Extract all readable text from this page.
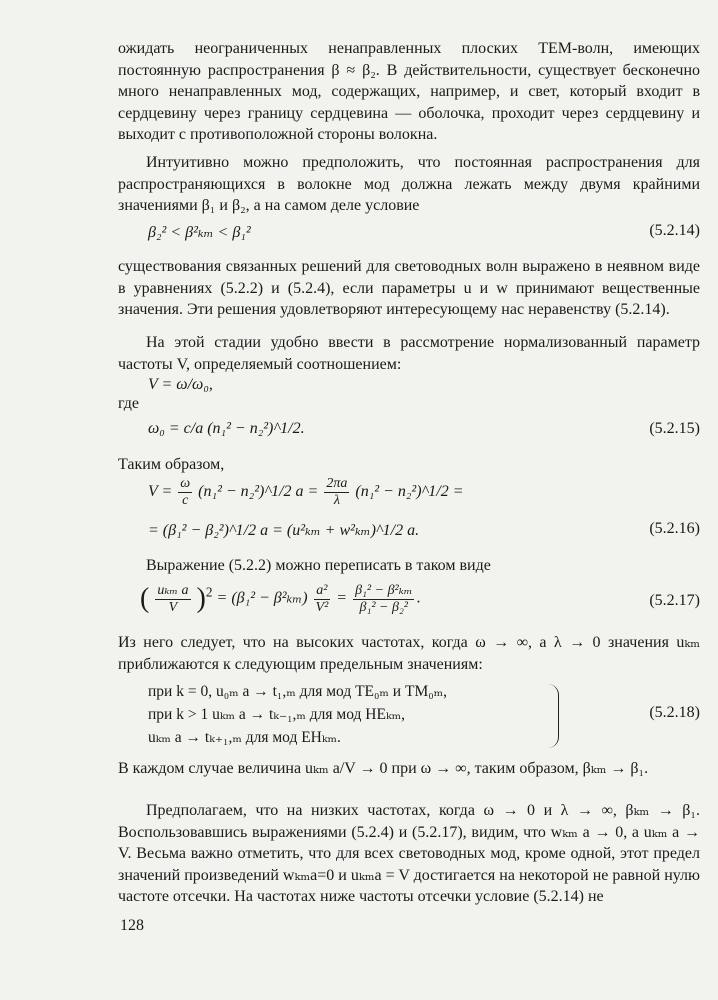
ожидать неограниченных ненаправленных плоских ТЕМ-волн, имеющих постоянную распространения β ≈ β₂. В действительности, существует бесконечно много ненаправленных мод, содержащих, например, и свет, который входит в сердцевину через границу сердцевина — оболочка, проходит через сердцевину и выходит с противоположной стороны волокна.
Интуитивно можно предположить, что постоянная распространения для распространяющихся в волокне мод должна лежать между двумя крайними значениями β₁ и β₂, а на самом деле условие
β₂² < β²ₖₘ < β₁²	(5.2.14)
существования связанных решений для световодных волн выражено в неявном виде в уравнениях (5.2.2) и (5.2.4), если параметры u и w принимают вещественные значения. Эти решения удовлетворяют интересующему нас неравенству (5.2.14).
На этой стадии удобно ввести в рассмотрение нормализованный параметр частоты V, определяемый соотношением:
V = ω/ω₀,
где
ω₀ = c/a (n₁² − n₂²)^1/2.	(5.2.15)
Таким образом,
$V = \frac{\omega}{c} (n_1^2$ − n₂²)^1/2 $a = \frac{2\pi a}{\lambda} (n_1^2$ − n₂²)^1/2 =
= (β₁² − β₂²)^1/2 a = (u²ₖₘ + w²ₖₘ)^1/2 a.	(5.2.16)
Выражение (5.2.2) можно переписать в таком виде
( $\frac{\text{uₖₘ a}}{V} )^2 = (\beta_1^2 - \beta^2_{km}) \frac{\text{a²}}{\text{V²}} = \frac{\text{β₁² − β²ₖₘ}}{\text{β₁² − β₂²}}$ .	(5.2.17)
Из него следует, что на высоких частотах, когда ω → ∞, а λ → 0 значения uₖₘ приближаются к следующим предельным значениям:
при k = 0, u₀ₘ a → t₁,ₘ для мод TE₀ₘ и TM₀ₘ,
при k > 1 uₖₘ a → tₖ₋₁,ₘ для мод HEₖₘ,
uₖₘ a → tₖ₊₁,ₘ для мод EHₖₘ.
(5.2.18)
В каждом случае величина uₖₘ a/V → 0 при ω → ∞, таким образом, βₖₘ → β₁.
Предполагаем, что на низких частотах, когда ω → 0 и λ → ∞, βₖₘ → β₁. Воспользовавшись выражениями (5.2.4) и (5.2.17), видим, что wₖₘ a → 0, а uₖₘ a → V. Весьма важно отметить, что для всех световодных мод, кроме одной, этот предел значений произведений wₖₘa=0 и uₖₘa = V достигается на некоторой не равной нулю частоте отсечки. На частотах ниже частоты отсечки условие (5.2.14) не
128
